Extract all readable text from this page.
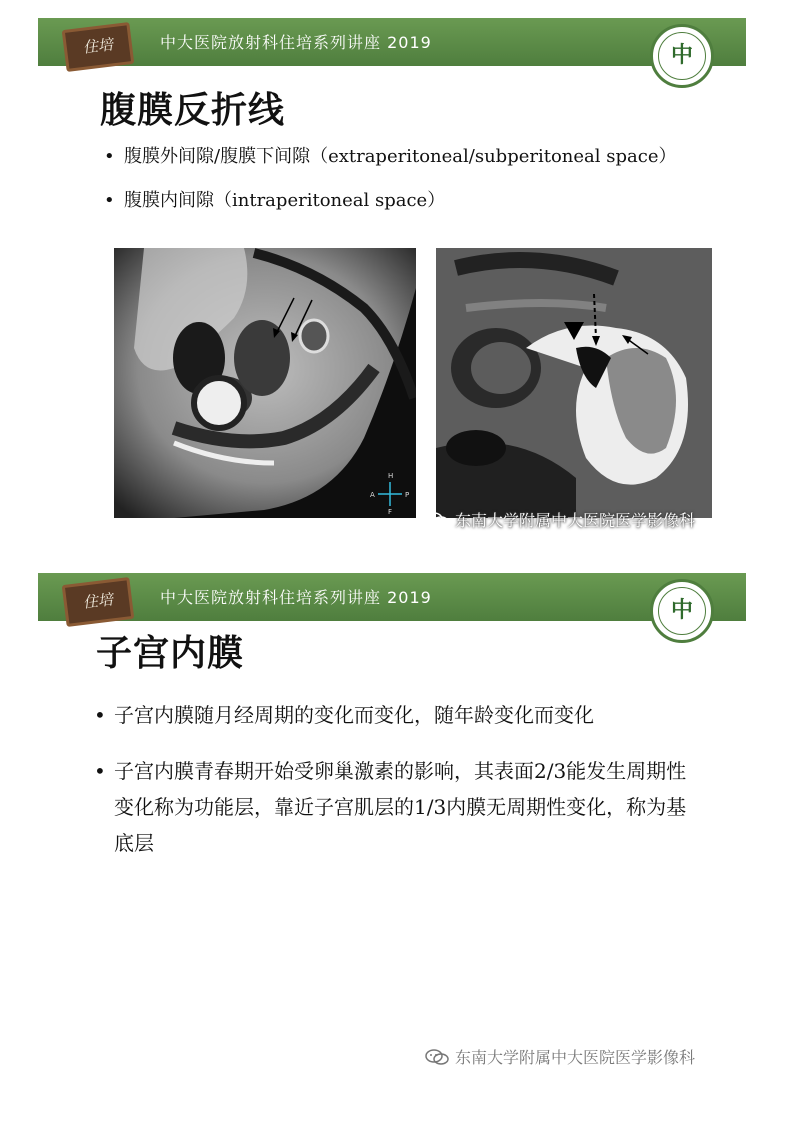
住培	中大医院放射科住培系列讲座 2019
中
腹膜反折线
• 腹膜外间隙/腹膜下间隙（extraperitoneal/subperitoneal space）
• 腹膜内间隙（intraperitoneal space）
H
A	P
F	东南大学附属中大医院医学影像科
住培	中大医院放射科住培系列讲座 2019
中
子宫内膜
• 子宫内膜随月经周期的变化而变化，随年龄变化而变化
• 子宫内膜青春期开始受卵巢激素的影响，其表面2/3能发生周期性变化称为功能层，靠近子宫肌层的1/3内膜无周期性变化，称为基底层
东南大学附属中大医院医学影像科
